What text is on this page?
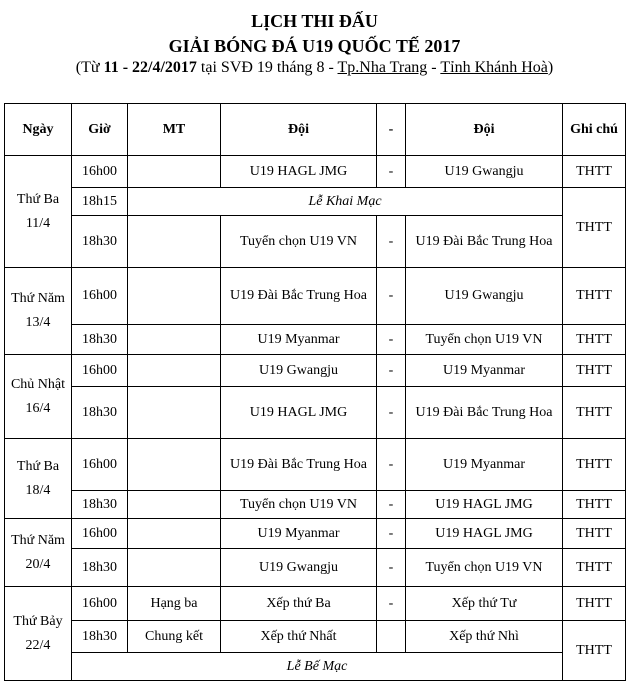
LỊCH THI ĐẤU
GIẢI BÓNG ĐÁ U19 QUỐC TẾ 2017
(Từ 11 - 22/4/2017 tại SVĐ 19 tháng 8 - Tp.Nha Trang - Tỉnh Khánh Hoà)
Ngày	Giờ	MT	Đội	-	Đội	Ghi chú
Thứ Ba 11/4	16h00		U19 HAGL JMG	-	U19 Gwangju	THTT
	18h15	Lễ Khai Mạc				THTT
	18h30		Tuyển chọn U19 VN	-	U19 Đài Bắc Trung Hoa	
Thứ Năm 13/4	16h00		U19 Đài Bắc Trung Hoa	-	U19 Gwangju	THTT
	18h30		U19 Myanmar	-	Tuyển chọn U19 VN	THTT
Chủ Nhật 16/4	16h00		U19 Gwangju	-	U19 Myanmar	THTT
	18h30		U19 HAGL JMG	-	U19 Đài Bắc Trung Hoa	THTT
Thứ Ba 18/4	16h00		U19 Đài Bắc Trung Hoa	-	U19 Myanmar	THTT
	18h30		Tuyển chọn U19 VN	-	U19 HAGL JMG	THTT
Thứ Năm 20/4	16h00		U19 Myanmar	-	U19 HAGL JMG	THTT
	18h30		U19 Gwangju	-	Tuyển chọn U19 VN	THTT
Thứ Bảy 22/4	16h00	Hạng ba	Xếp thứ Ba	-	Xếp thứ Tư	THTT
	18h30	Chung kết	Xếp thứ Nhất		Xếp thứ Nhì	THTT
	Lễ Bế Mạc					
